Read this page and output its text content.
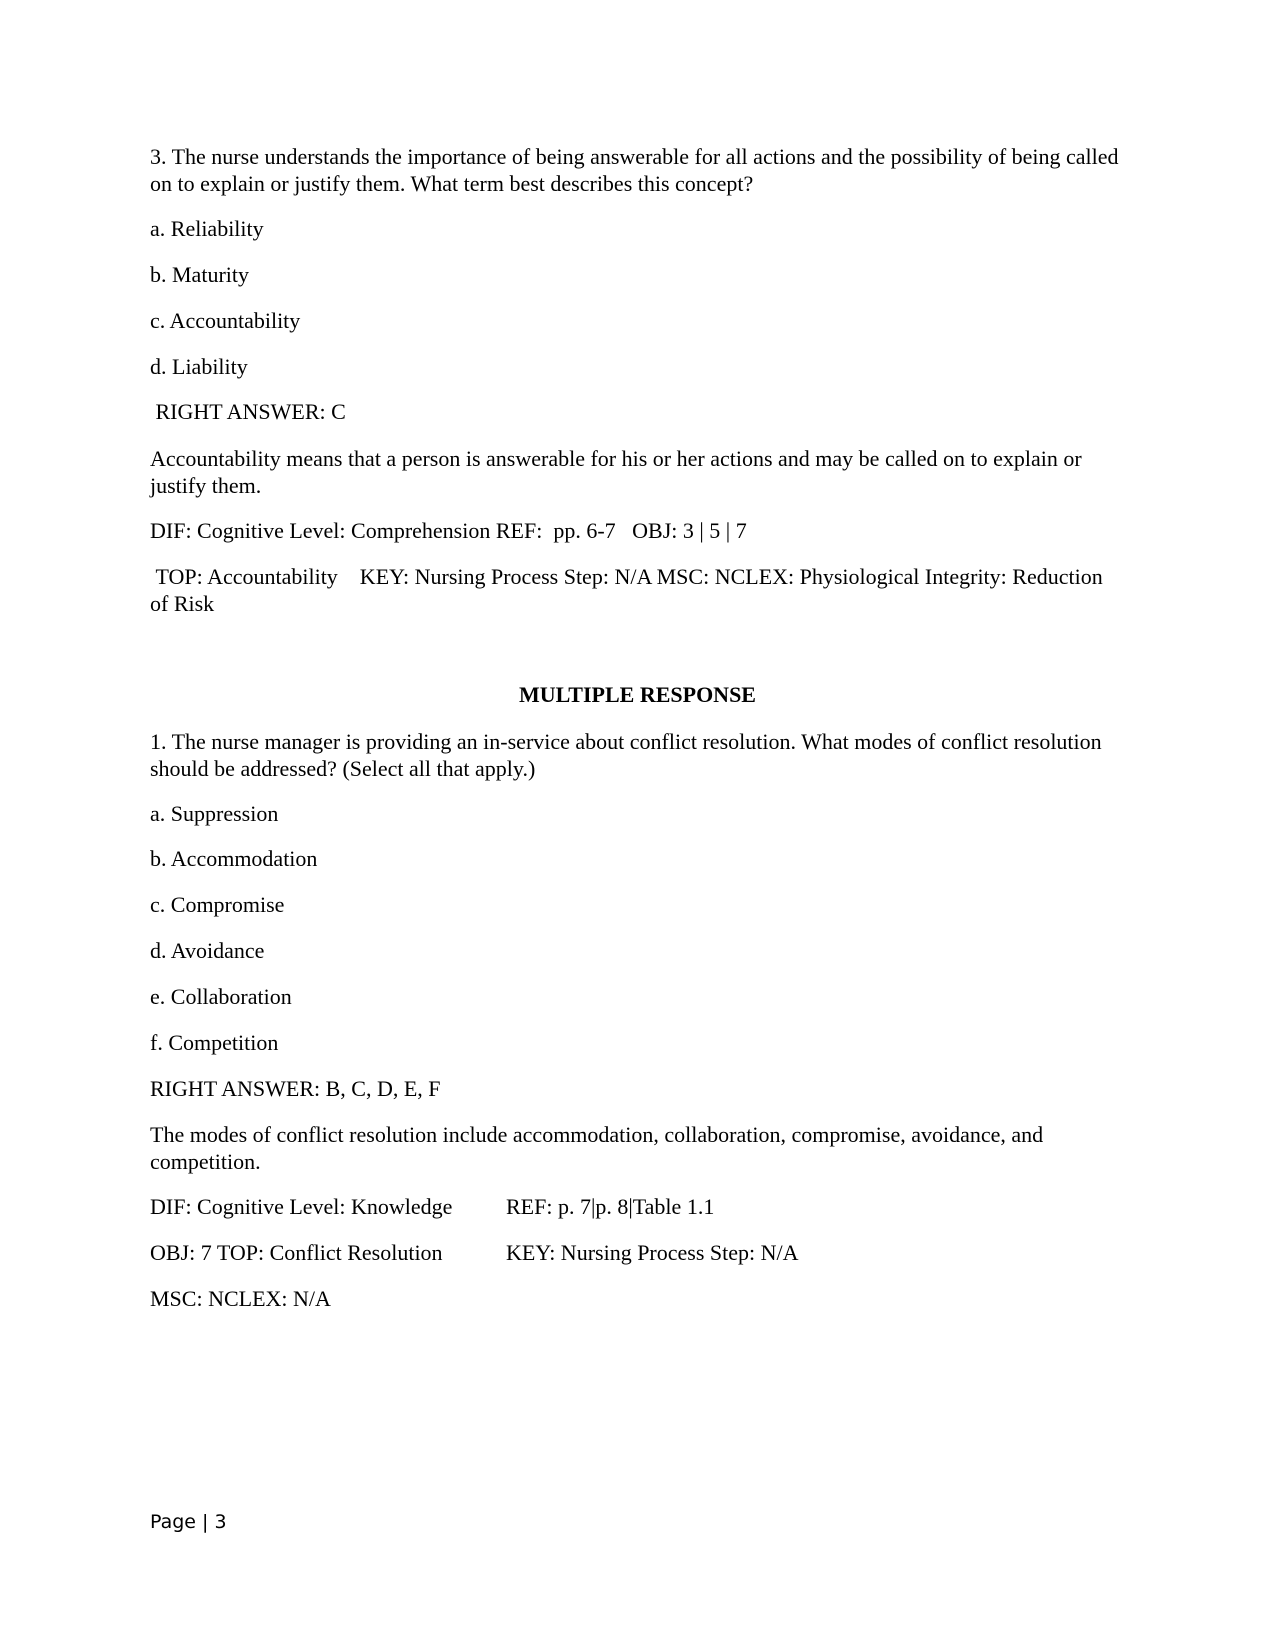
3. The nurse understands the importance of being answerable for all actions and the possibility of being called on to explain or justify them. What term best describes this concept?

a. Reliability

b. Maturity

c. Accountability

d. Liability

RIGHT ANSWER: C

Accountability means that a person is answerable for his or her actions and may be called on to explain or justify them.

DIF: Cognitive Level: Comprehension REF:  pp. 6-7 OBJ: 3 | 5 | 7

TOP: Accountability    KEY: Nursing Process Step: N/A MSC: NCLEX: Physiological Integrity: Reduction of Risk

MULTIPLE RESPONSE

1. The nurse manager is providing an in-service about conflict resolution. What modes of conflict resolution should be addressed? (Select all that apply.)

a. Suppression

b. Accommodation

c. Compromise

d. Avoidance

e. Collaboration

f. Competition

RIGHT ANSWER: B, C, D, E, F

The modes of conflict resolution include accommodation, collaboration, compromise, avoidance, and competition.

DIF: Cognitive Level: Knowledge REF: p. 7|p. 8|Table 1.1

OBJ: 7 TOP: Conflict Resolution	KEY: Nursing Process Step: N/A

MSC: NCLEX: N/A

Page | 3
